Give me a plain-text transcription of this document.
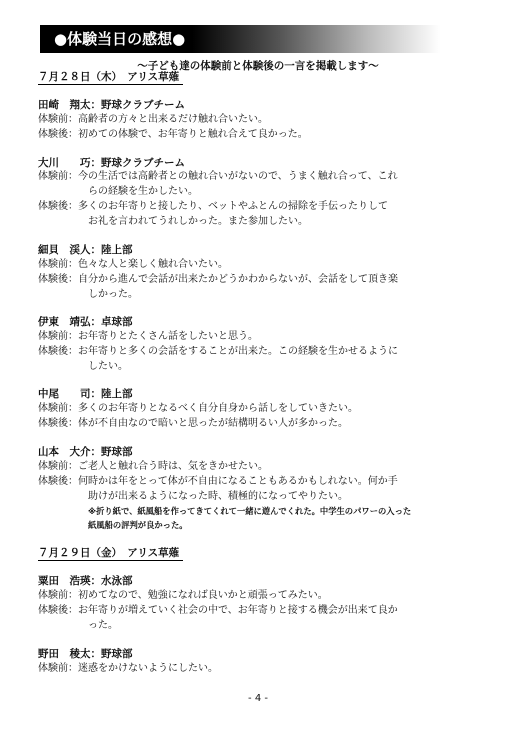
●体験当日の感想●
〜子ども達の体験前と体験後の一言を掲載します〜
７月２８日（木）　アリス草薙
田崎　翔太：野球クラブチーム
体験前：高齢者の方々と出来るだけ触れ合いたい。
体験後：初めての体験で、お年寄りと触れ合えて良かった。
大川　　巧：野球クラブチーム
体験前：今の生活では高齢者との触れ合いがないので、うまく触れ合って、これ
らの経験を生かしたい。
体験後：多くのお年寄りと接したり、ベットやふとんの掃除を手伝ったりして
お礼を言われてうれしかった。また参加したい。
細貝　渓人：陸上部
体験前：色々な人と楽しく触れ合いたい。
体験後：自分から進んで会話が出来たかどうかわからないが、会話をして頂き楽
しかった。
伊東　靖弘：卓球部
体験前：お年寄りとたくさん話をしたいと思う。
体験後：お年寄りと多くの会話をすることが出来た。この経験を生かせるように
したい。
中尾　　司：陸上部
体験前：多くのお年寄りとなるべく自分自身から話しをしていきたい。
体験後：体が不自由なので暗いと思ったが結構明るい人が多かった。
山本　大介：野球部
体験前：ご老人と触れ合う時は、気をきかせたい。
体験後：何時かは年をとって体が不自由になることもあるかもしれない。何か手
助けが出来るようになった時、積極的になってやりたい。
※折り紙で、紙風船を作ってきてくれて一緒に遊んでくれた。中学生のパワーの入った
紙風船の評判が良かった。
７月２９日（金）　アリス草薙
粟田　浩瑛：水泳部
体験前：初めてなので、勉強になれば良いかと頑張ってみたい。
体験後：お年寄りが増えていく社会の中で、お年寄りと接する機会が出来て良か
った。
野田　稜太：野球部
体験前：迷惑をかけないようにしたい。
- 4 -
